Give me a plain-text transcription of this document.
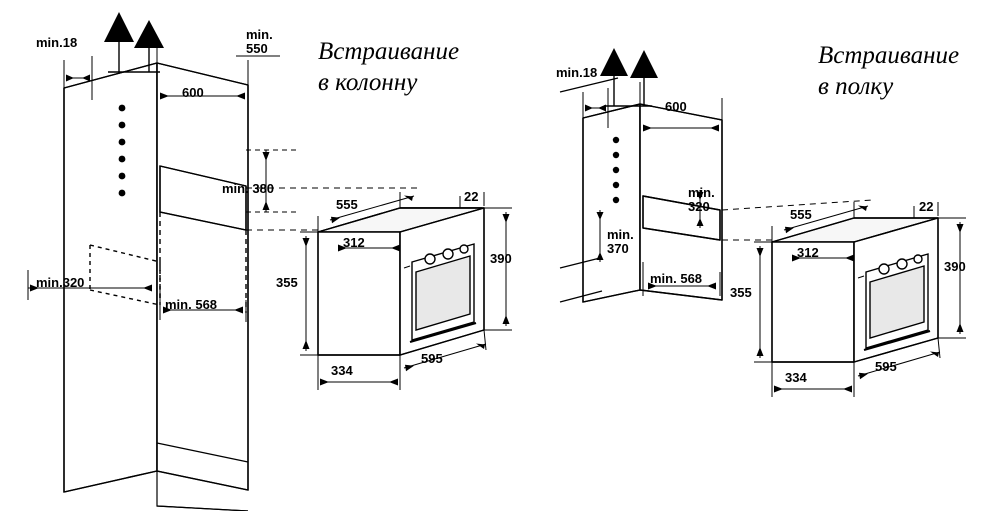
Встраивание
в колонну
min.18
min.
550
600
min. 380
min.320
min. 568
555
312
22
390
355
334
595
Встраивание
в полку
min.18
600
min.
320
min.
370
min. 568
555
312
22
390
355
334
595
